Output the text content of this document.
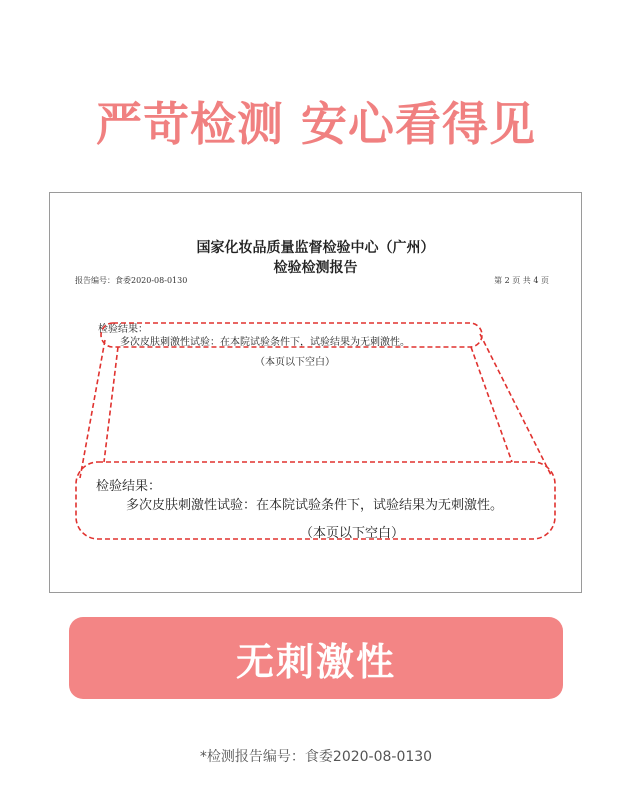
严苛检测 安心看得见
国家化妆品质量监督检验中心（广州）
检验检测报告
报告编号：食委2020-08-0130	第 2 页 共 4 页
检验结果：
多次皮肤刺激性试验：在本院试验条件下，试验结果为无刺激性。
（本页以下空白）
检验结果：
多次皮肤刺激性试验：在本院试验条件下，试验结果为无刺激性。
（本页以下空白）
无刺激性
*检测报告编号：食委2020-08-0130
